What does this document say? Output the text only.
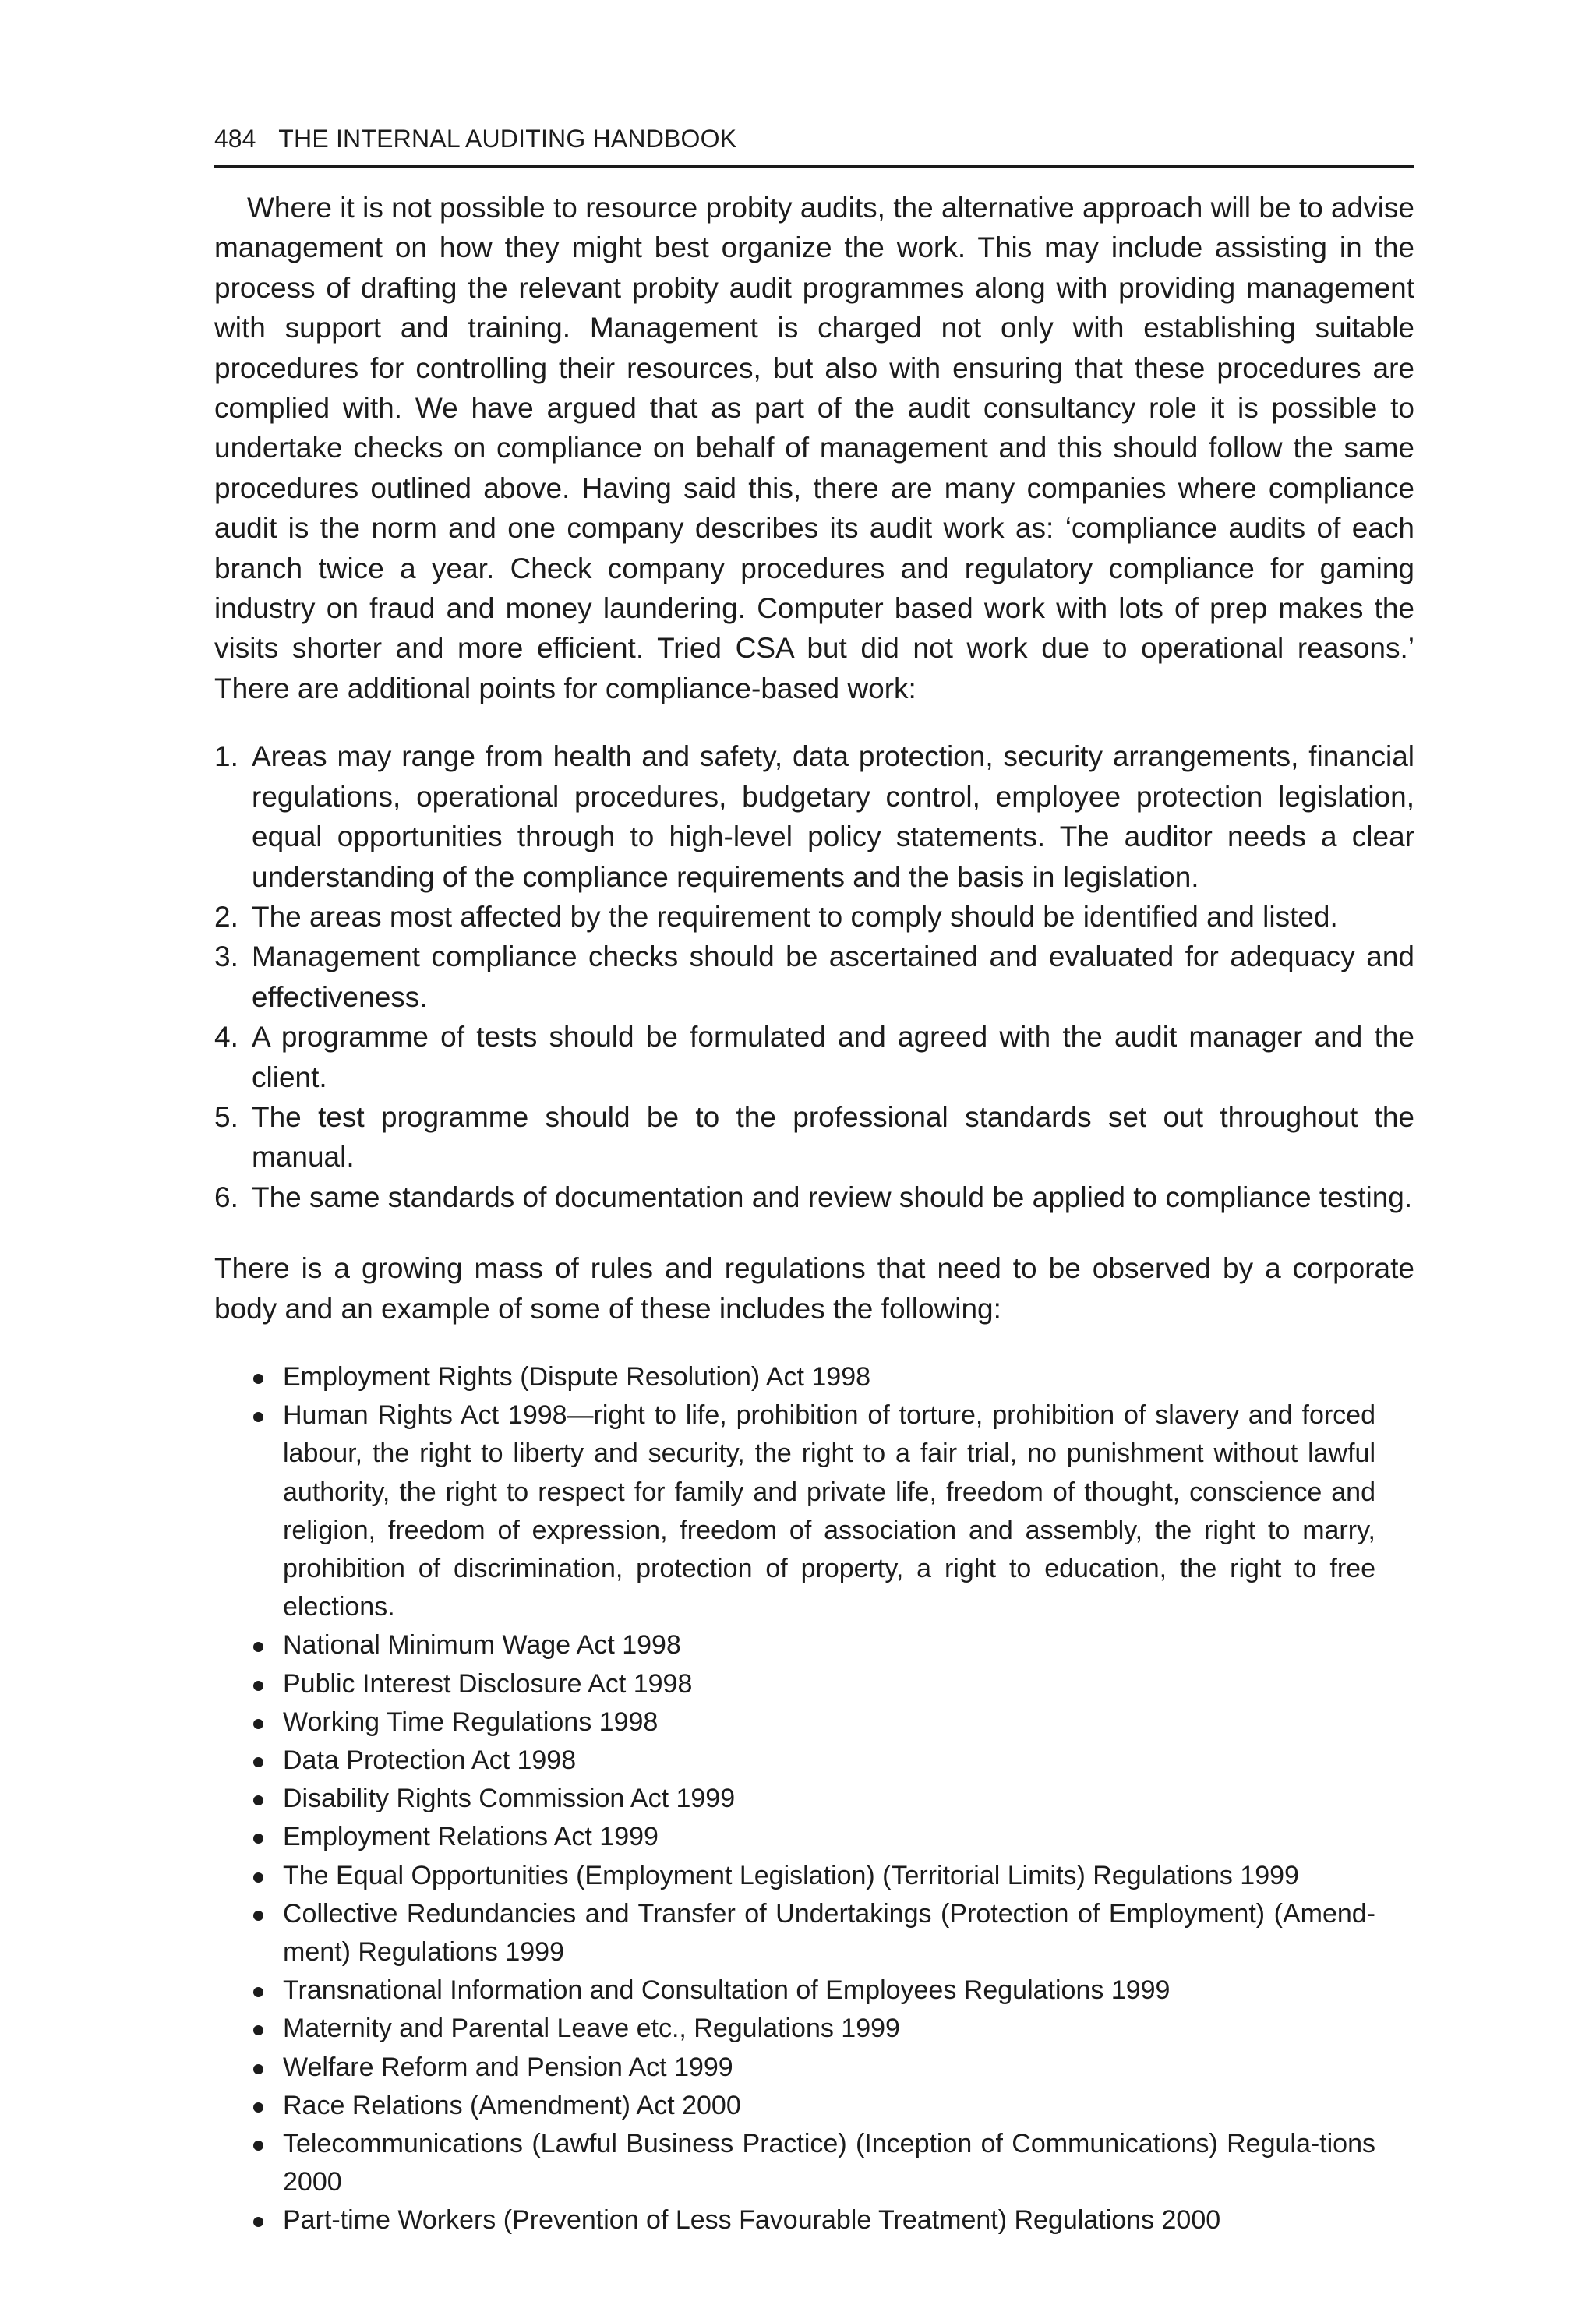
484 THE INTERNAL AUDITING HANDBOOK

Where it is not possible to resource probity audits, the alternative approach will be to advise management on how they might best organize the work. This may include assisting in the process of drafting the relevant probity audit programmes along with providing management with support and training. Management is charged not only with establishing suitable procedures for controlling their resources, but also with ensuring that these procedures are complied with. We have argued that as part of the audit consultancy role it is possible to undertake checks on compliance on behalf of management and this should follow the same procedures outlined above. Having said this, there are many companies where compliance audit is the norm and one company describes its audit work as: ‘compliance audits of each branch twice a year. Check company procedures and regulatory compliance for gaming industry on fraud and money laundering. Computer based work with lots of prep makes the visits shorter and more efficient. Tried CSA but did not work due to operational reasons.’ There are additional points for compliance-based work:

1. Areas may range from health and safety, data protection, security arrangements, financial regulations, operational procedures, budgetary control, employee protection legislation, equal opportunities through to high-level policy statements. The auditor needs a clear understanding of the compliance requirements and the basis in legislation.
2. The areas most affected by the requirement to comply should be identified and listed.
3. Management compliance checks should be ascertained and evaluated for adequacy and effectiveness.
4. A programme of tests should be formulated and agreed with the audit manager and the client.
5. The test programme should be to the professional standards set out throughout the manual.
6. The same standards of documentation and review should be applied to compliance testing.

There is a growing mass of rules and regulations that need to be observed by a corporate body and an example of some of these includes the following:

Employment Rights (Dispute Resolution) Act 1998
Human Rights Act 1998—right to life, prohibition of torture, prohibition of slavery and forced labour, the right to liberty and security, the right to a fair trial, no punishment without lawful authority, the right to respect for family and private life, freedom of thought, conscience and religion, freedom of expression, freedom of association and assembly, the right to marry, prohibition of discrimination, protection of property, a right to education, the right to free elections.
National Minimum Wage Act 1998
Public Interest Disclosure Act 1998
Working Time Regulations 1998
Data Protection Act 1998
Disability Rights Commission Act 1999
Employment Relations Act 1999
The Equal Opportunities (Employment Legislation) (Territorial Limits) Regulations 1999
Collective Redundancies and Transfer of Undertakings (Protection of Employment) (Amend-ment) Regulations 1999
Transnational Information and Consultation of Employees Regulations 1999
Maternity and Parental Leave etc., Regulations 1999
Welfare Reform and Pension Act 1999
Race Relations (Amendment) Act 2000
Telecommunications (Lawful Business Practice) (Inception of Communications) Regula-tions 2000
Part-time Workers (Prevention of Less Favourable Treatment) Regulations 2000
